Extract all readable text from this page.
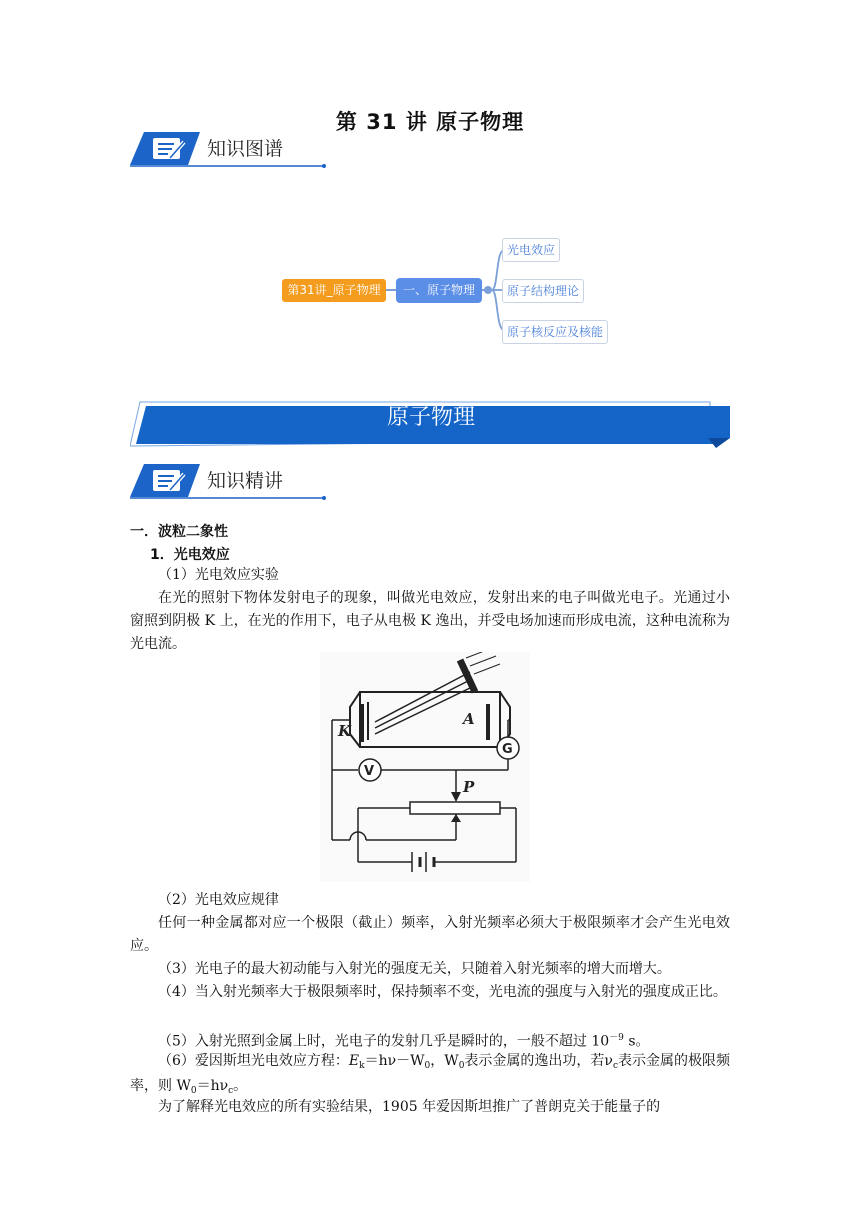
第 31 讲 原子物理
知识图谱
第31讲_原子物理	一、原子物理
光电效应
原子结构理论
原子核反应及核能
原子物理
知识精讲
一．波粒二象性
1．光电效应
（1）光电效应实验
在光的照射下物体发射电子的现象，叫做光电效应，发射出来的电子叫做光电子。光通过小窗照到阴极 K 上，在光的作用下，电子从电极 K 逸出，并受电场加速而形成电流，这种电流称为光电流。
K
A
G
V
P
（2）光电效应规律
任何一种金属都对应一个极限（截止）频率，入射光频率必须大于极限频率才会产生光电效应。
（3）光电子的最大初动能与入射光的强度无关，只随着入射光频率的增大而增大。
（4）当入射光频率大于极限频率时，保持频率不变，光电流的强度与入射光的强度成正比。
（5）入射光照到金属上时，光电子的发射几乎是瞬时的，一般不超过 $10^{-9}$ s。
（6）爱因斯坦光电效应方程：$E_k=h\nu-W_0$，$W_0$表示金属的逸出功，若$\nu_c$表示金属的极限频率，则 $W_0=h\nu_c$。
为了解释光电效应的所有实验结果，1905 年爱因斯坦推广了普朗克关于能量子的
